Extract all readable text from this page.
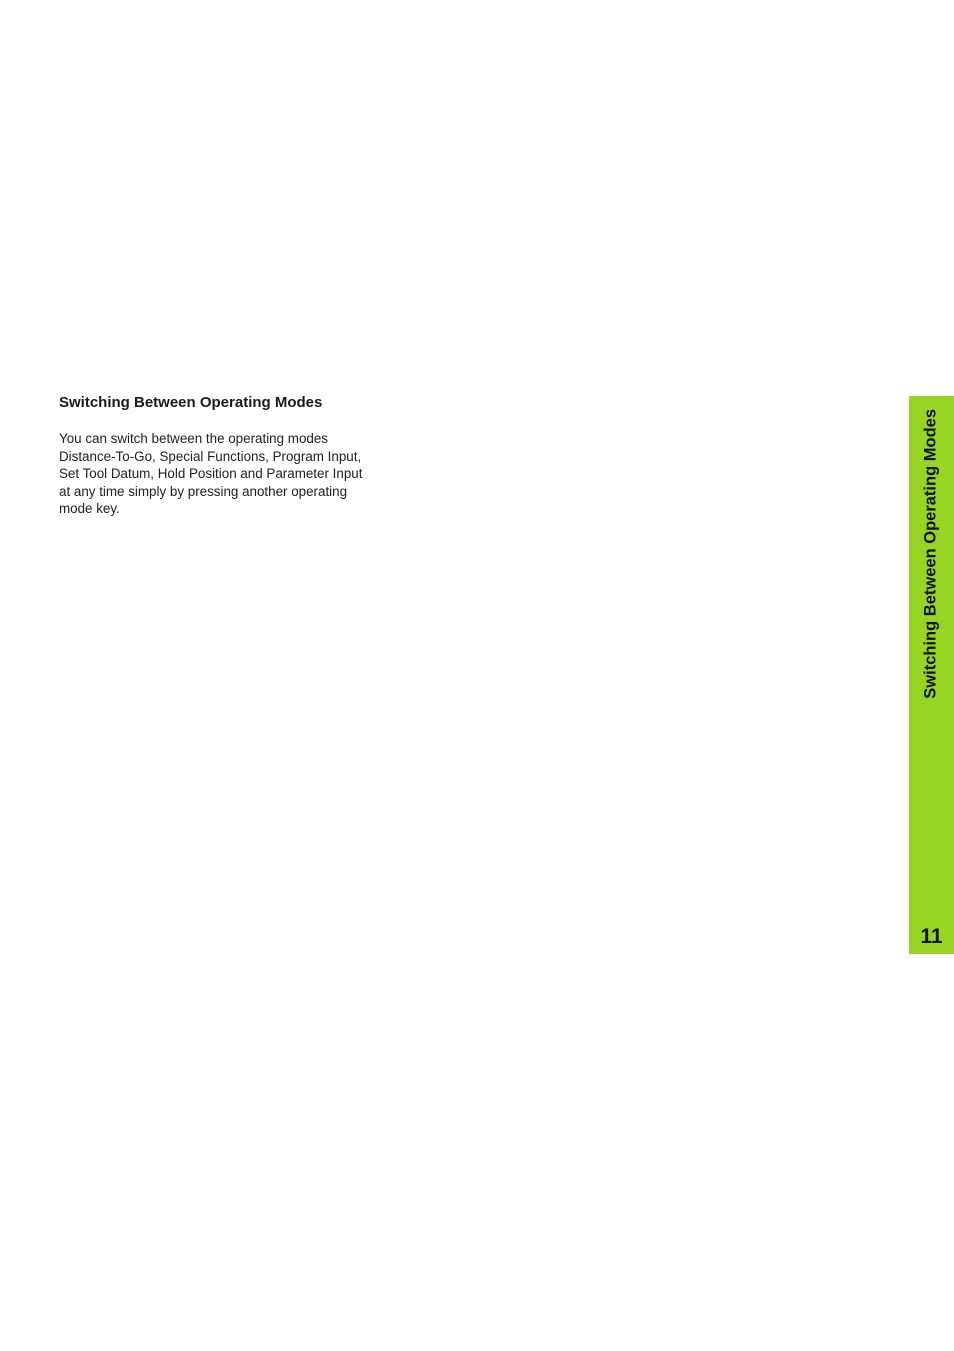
Switching Between Operating Modes

You can switch between the operating modes
Distance-To-Go, Special Functions, Program Input,
Set Tool Datum, Hold Position and Parameter Input
at any time simply by pressing another operating
mode key.	Switching Between Operating Modes
11
